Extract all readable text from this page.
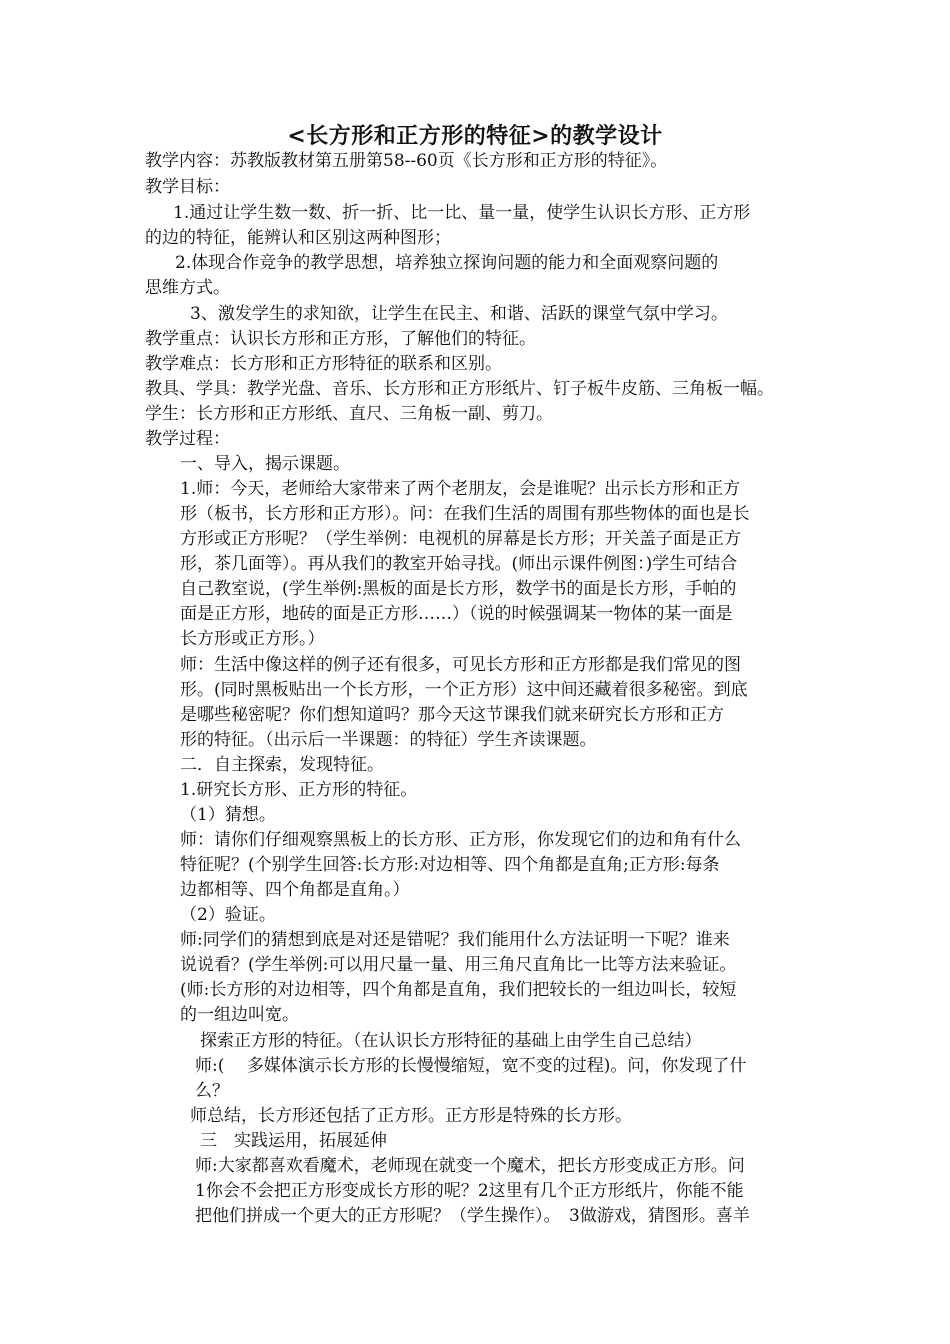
<长方形和正方形的特征>的教学设计

教学内容：苏教版教材第五册第58--60页《长方形和正方形的特征》。

教学目标：

1.通过让学生数一数、折一折、比一比、量一量，使学生认识长方形、正方形

的边的特征，能辨认和区别这两种图形；

2.体现合作竞争的教学思想，培养独立探询问题的能力和全面观察问题的

思维方式。

3、激发学生的求知欲，让学生在民主、和谐、活跃的课堂气氛中学习。

教学重点：认识长方形和正方形，了解他们的特征。

教学难点：长方形和正方形特征的联系和区别。

教具、学具：教学光盘、音乐、长方形和正方形纸片、钉子板牛皮筋、三角板一幅。

学生：长方形和正方形纸、直尺、三角板一副、剪刀。

教学过程：

一、导入，揭示课题。

1.师：今天，老师给大家带来了两个老朋友，会是谁呢？出示长方形和正方

形（板书，长方形和正方形）。问：在我们生活的周围有那些物体的面也是长

方形或正方形呢？（学生举例：电视机的屏幕是长方形；开关盖子面是正方

形，茶几面等）。再从我们的教室开始寻找。(师出示课件例图：)学生可结合

自己教室说，(学生举例:黑板的面是长方形，数学书的面是长方形，手帕的

面是正方形，地砖的面是正方形……）（说的时候强调某一物体的某一面是

长方形或正方形。）

师：生活中像这样的例子还有很多，可见长方形和正方形都是我们常见的图

形。(同时黑板贴出一个长方形，一个正方形）这中间还藏着很多秘密。到底

是哪些秘密呢？你们想知道吗？那今天这节课我们就来研究长方形和正方

形的特征。（出示后一半课题：的特征）学生齐读课题。

二．自主探索，发现特征。

1.研究长方形、正方形的特征。

（1）猜想。

师：请你们仔细观察黑板上的长方形、正方形，你发现它们的边和角有什么

特征呢？(个别学生回答:长方形:对边相等、四个角都是直角;正方形:每条

边都相等、四个角都是直角。）

（2）验证。

师:同学们的猜想到底是对还是错呢？我们能用什么方法证明一下呢？谁来

说说看？(学生举例:可以用尺量一量、用三角尺直角比一比等方法来验证。

(师:长方形的对边相等，四个角都是直角，我们把较长的一组边叫长，较短

的一组边叫宽。

探索正方形的特征。（在认识长方形特征的基础上由学生自己总结）

师:(　 多媒体演示长方形的长慢慢缩短，宽不变的过程)。问，你发现了什

么？

师总结，长方形还包括了正方形。正方形是特殊的长方形。

三　实践运用，拓展延伸

师:大家都喜欢看魔术，老师现在就变一个魔术，把长方形变成正方形。问

1你会不会把正方形变成长方形的呢？2这里有几个正方形纸片，你能不能

把他们拼成一个更大的正方形呢？（学生操作）。　3做游戏，猜图形。喜羊
